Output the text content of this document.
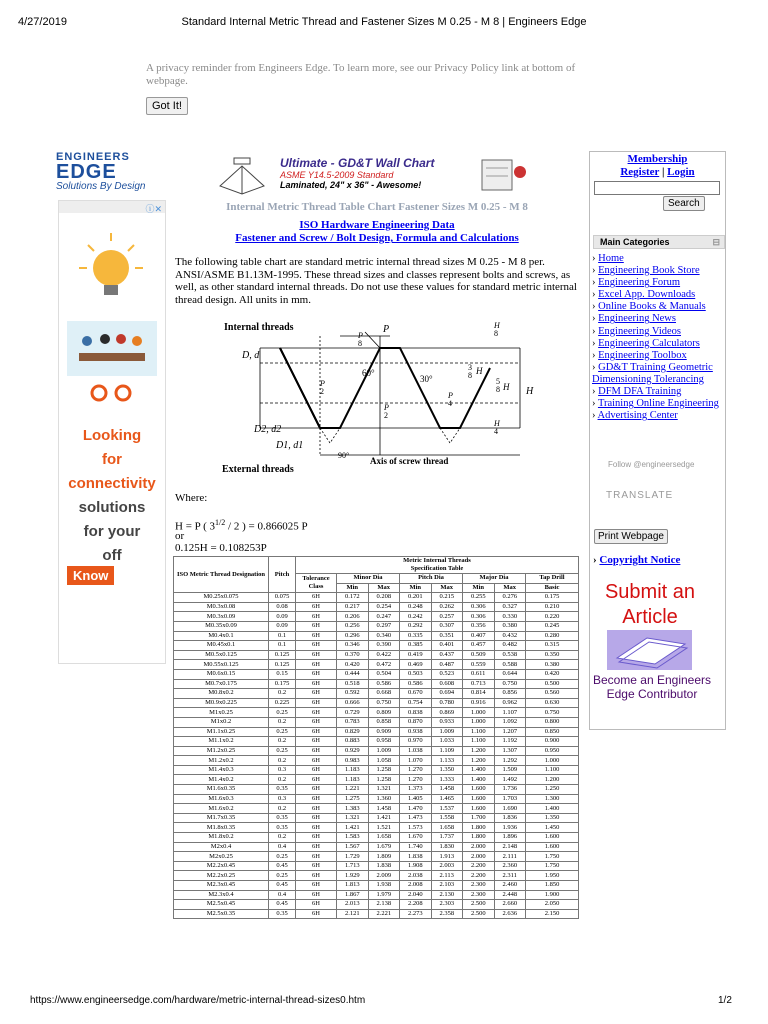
4/27/2019	Standard Internal Metric Thread and Fastener Sizes M 0.25 - M 8 | Engineers Edge
A privacy reminder from Engineers Edge. To learn more, see our Privacy Policy link at bottom of webpage.
Got It!
ENGINEERS
EDGE
Solutions By Design
ⓘ✕
Looking
for
connectivity
solutions
for your
off
Know
Ultimate - GD&T Wall Chart
ASME Y14.5-2009 Standard
Laminated, 24" x 36" - Awesome!
Internal Metric Thread Table Chart Fastener Sizes M 0.25 - M 8
ISO Hardware Engineering Data
Fastener and Screw / Bolt Design, Formula and Calculations
The following table chart are standard metric internal thread sizes M 0.25 - M 8 per. ANSI/ASME B1.13M-1995. These thread sizes and classes represent bolts and screws, as well, as other standard internal threads. Do not use these values for standard metric internal thread design. All units in mm.
Internal threads
External threads
Axis of screw thread
P
P
8
H
8
60°
30°
P
2
3
8 H
5
8 H H
P
4
P
2
H
4
D, d
D2, d2
D1, d1
90°
Where:
H = P ( $3^{1/2} / 2$ ) = 0.866025 P
or
0.125H = 0.108253P
ISO Metric Thread Designation	Pitch	Metric Internal Threads
Specification Table							
		Tolerance Class	Minor Dia		Pitch Dia		Major Dia		Tap Drill
			Min	Max	Min	Max	Min	Max	Basic
M0.25x0.075	0.075	6H	0.172	0.208	0.201	0.215	0.255	0.276	0.175
M0.3x0.08	0.08	6H	0.217	0.254	0.248	0.262	0.306	0.327	0.210
M0.3x0.09	0.09	6H	0.206	0.247	0.242	0.257	0.306	0.330	0.220
M0.35x0.09	0.09	6H	0.256	0.297	0.292	0.307	0.356	0.380	0.245
M0.4x0.1	0.1	6H	0.296	0.340	0.335	0.351	0.407	0.432	0.280
M0.45x0.1	0.1	6H	0.346	0.390	0.385	0.401	0.457	0.482	0.315
M0.5x0.125	0.125	6H	0.370	0.422	0.419	0.437	0.509	0.538	0.350
M0.55x0.125	0.125	6H	0.420	0.472	0.469	0.487	0.559	0.588	0.380
M0.6x0.15	0.15	6H	0.444	0.504	0.503	0.523	0.611	0.644	0.420
M0.7x0.175	0.175	6H	0.518	0.586	0.586	0.608	0.713	0.750	0.500
M0.8x0.2	0.2	6H	0.592	0.668	0.670	0.694	0.814	0.856	0.560
M0.9x0.225	0.225	6H	0.666	0.750	0.754	0.780	0.916	0.962	0.630
M1x0.25	0.25	6H	0.729	0.809	0.838	0.869	1.000	1.107	0.750
M1x0.2	0.2	6H	0.783	0.858	0.870	0.933	1.000	1.092	0.800
M1.1x0.25	0.25	6H	0.829	0.909	0.938	1.009	1.100	1.207	0.850
M1.1x0.2	0.2	6H	0.883	0.958	0.970	1.033	1.100	1.192	0.900
M1.2x0.25	0.25	6H	0.929	1.009	1.038	1.109	1.200	1.307	0.950
M1.2x0.2	0.2	6H	0.983	1.058	1.070	1.133	1.200	1.292	1.000
M1.4x0.3	0.3	6H	1.183	1.258	1.270	1.350	1.400	1.509	1.100
M1.4x0.2	0.2	6H	1.183	1.258	1.270	1.333	1.400	1.492	1.200
M1.6x0.35	0.35	6H	1.221	1.321	1.373	1.458	1.600	1.736	1.250
M1.6x0.3	0.3	6H	1.275	1.360	1.405	1.465	1.600	1.703	1.300
M1.6x0.2	0.2	6H	1.383	1.458	1.470	1.537	1.600	1.690	1.400
M1.7x0.35	0.35	6H	1.321	1.421	1.473	1.558	1.700	1.836	1.350
M1.8x0.35	0.35	6H	1.421	1.521	1.573	1.658	1.800	1.936	1.450
M1.8x0.2	0.2	6H	1.583	1.658	1.670	1.737	1.800	1.896	1.600
M2x0.4	0.4	6H	1.567	1.679	1.740	1.830	2.000	2.148	1.600
M2x0.25	0.25	6H	1.729	1.809	1.838	1.913	2.000	2.111	1.750
M2.2x0.45	0.45	6H	1.713	1.838	1.908	2.003	2.200	2.360	1.750
M2.2x0.25	0.25	6H	1.929	2.009	2.038	2.113	2.200	2.311	1.950
M2.3x0.45	0.45	6H	1.813	1.938	2.008	2.103	2.300	2.460	1.850
M2.3x0.4	0.4	6H	1.867	1.979	2.040	2.130	2.300	2.448	1.900
M2.5x0.45	0.45	6H	2.013	2.138	2.208	2.303	2.500	2.660	2.050
M2.5x0.35	0.35	6H	2.121	2.221	2.273	2.358	2.500	2.636	2.150
Membership
Register | Login
Search
Main Categories	⊟
› Home
› Engineering Book Store
› Engineering Forum
› Excel App. Downloads
› Online Books & Manuals
› Engineering News
› Engineering Videos
› Engineering Calculators
› Engineering Toolbox
› GD&T Training Geometric Dimensioning Tolerancing
› DFM DFA Training
› Training Online Engineering
› Advertising Center
Follow @engineersedge
TRANSLATE
Print Webpage
› Copyright Notice
Submit an
Article
Become an Engineers Edge Contributor
https://www.engineersedge.com/hardware/metric-internal-thread-sizes0.htm	1/2
